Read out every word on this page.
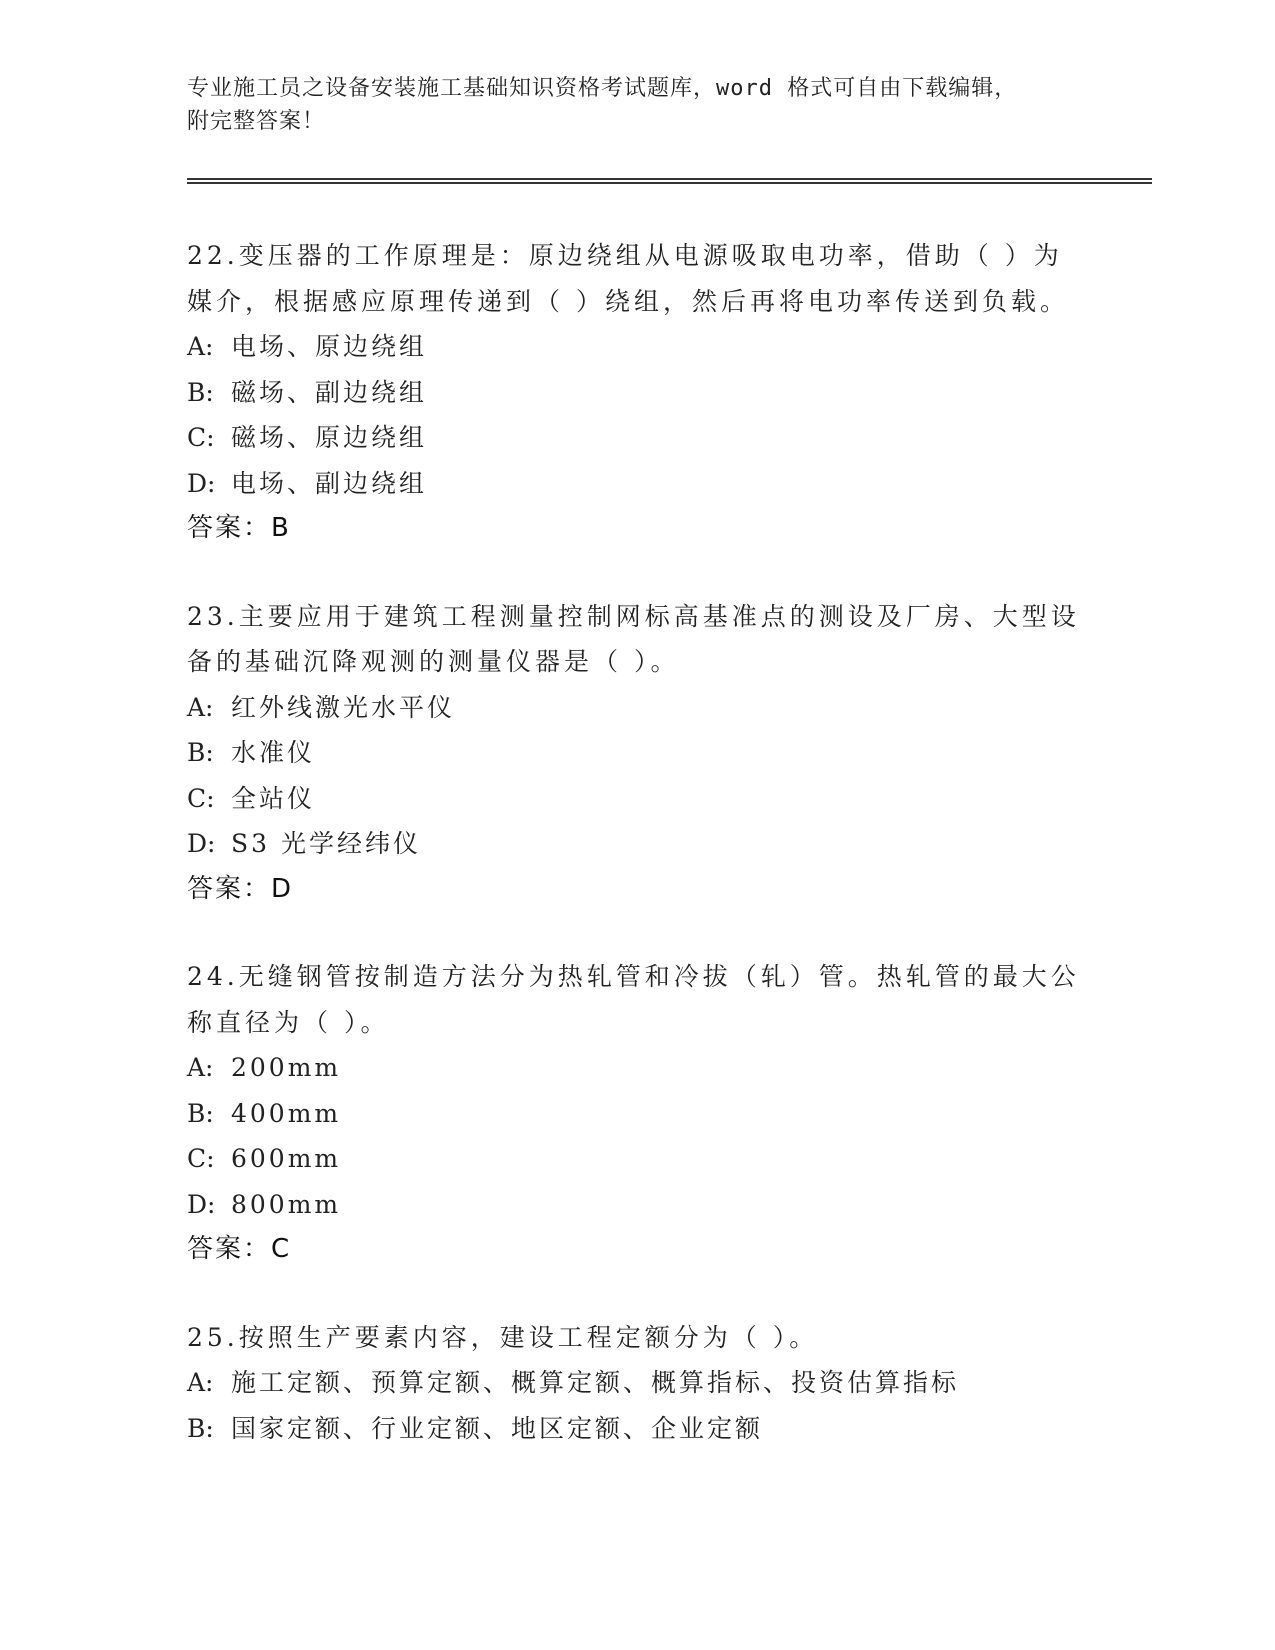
专业施工员之设备安装施工基础知识资格考试题库，word 格式可自由下载编辑，
附完整答案！
22.变压器的工作原理是：原边绕组从电源吸取电功率，借助（ ）为媒介，根据感应原理传递到（ ）绕组，然后再将电功率传送到负载。
A: 电场、原边绕组
B: 磁场、副边绕组
C: 磁场、原边绕组
D: 电场、副边绕组
答案：B
23.主要应用于建筑工程测量控制网标高基准点的测设及厂房、大型设备的基础沉降观测的测量仪器是（ ）。
A: 红外线激光水平仪
B: 水准仪
C: 全站仪
D: S3 光学经纬仪
答案：D
24.无缝钢管按制造方法分为热轧管和冷拔（轧）管。热轧管的最大公称直径为（ ）。
A: 200mm
B: 400mm
C: 600mm
D: 800mm
答案：C
25.按照生产要素内容，建设工程定额分为（ ）。
A: 施工定额、预算定额、概算定额、概算指标、投资估算指标
B: 国家定额、行业定额、地区定额、企业定额
